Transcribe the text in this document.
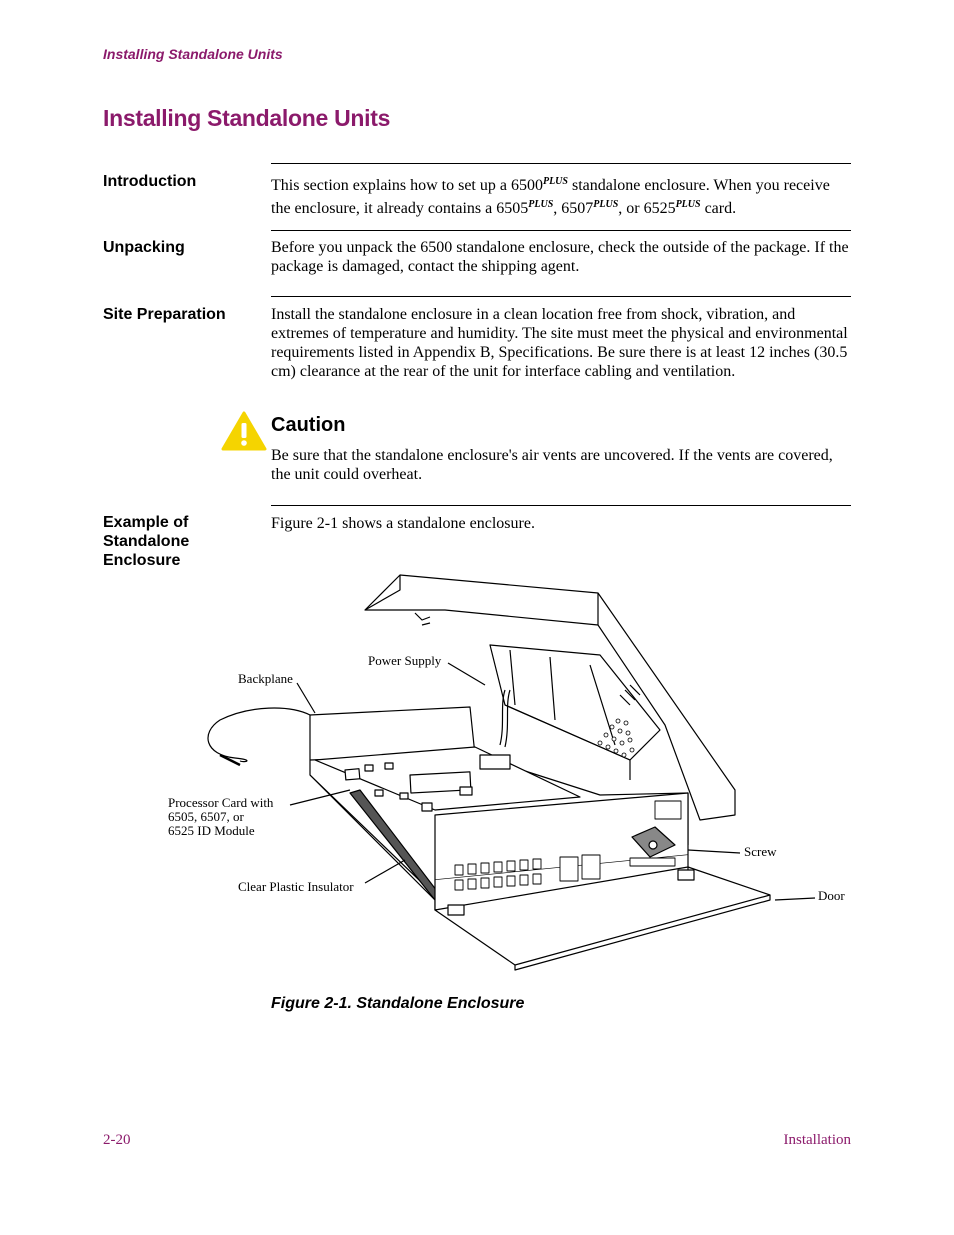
Installing Standalone Units
Installing Standalone Units
Introduction	This section explains how to set up a $6500^{PLUS}$ standalone enclosure. When you receive the enclosure, it already contains a $6505^{PLUS}$, $6507^{PLUS}$, or $6525^{PLUS}$ card.
Unpacking	Before you unpack the 6500 standalone enclosure, check the outside of the package. If the package is damaged, contact the shipping agent.
Site Preparation	Install the standalone enclosure in a clean location free from shock, vibration, and extremes of temperature and humidity. The site must meet the physical and environmental requirements listed in Appendix B, Specifications. Be sure there is at least 12 inches (30.5 cm) clearance at the rear of the unit for interface cabling and ventilation.
Caution
Be sure that the standalone enclosure's air vents are uncovered. If the vents are covered, the unit could overheat.
Example of
Standalone
Enclosure
Figure 2-1 shows a standalone enclosure.
Power Supply
Backplane
Processor Card with
6505, 6507, or
6525 ID Module
Screw
Clear Plastic Insulator
Door
Figure 2-1. Standalone Enclosure
2-20	Installation
